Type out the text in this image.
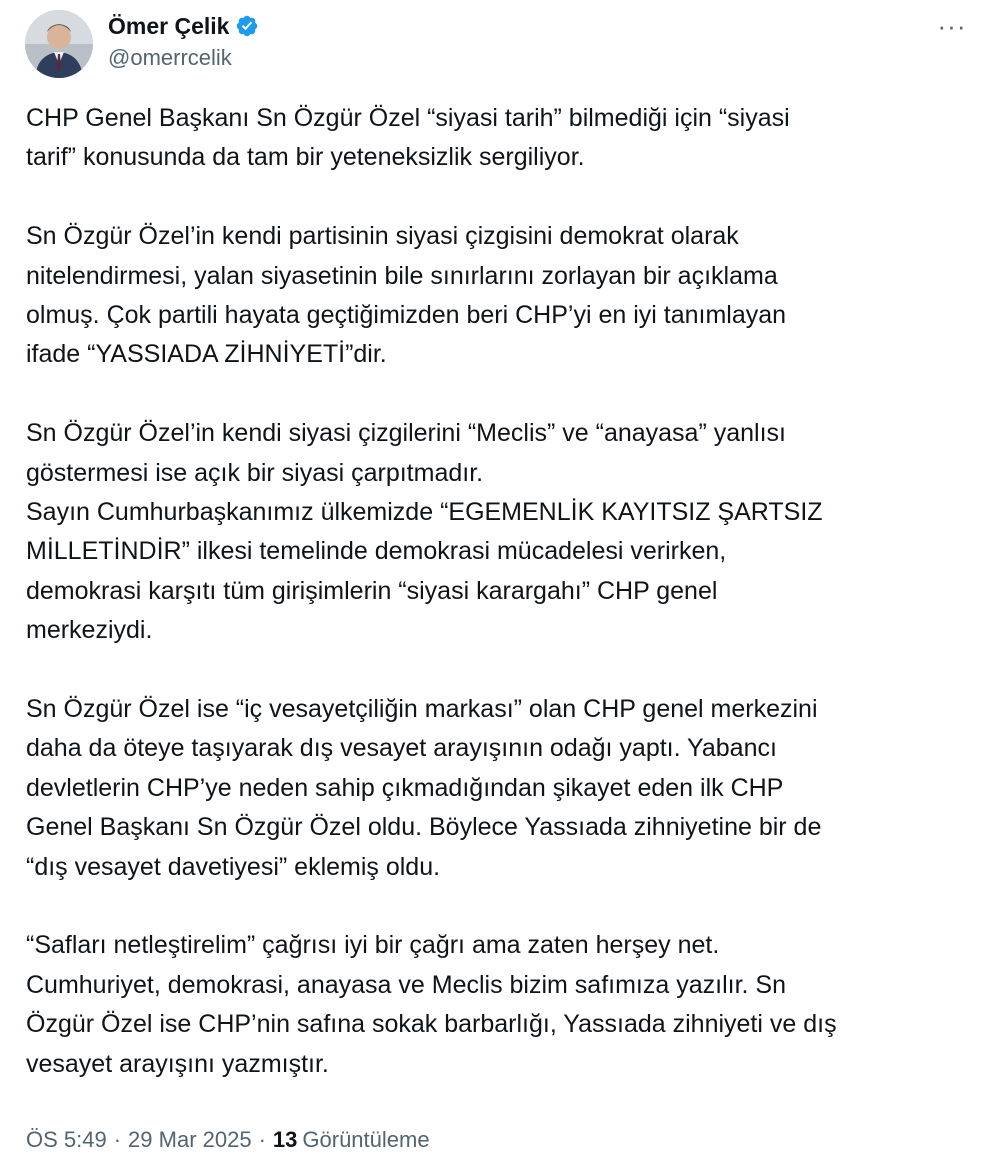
Ömer Çelik
@omerrcelik
···

CHP Genel Başkanı Sn Özgür Özel “siyasi tarih” bilmediği için “siyasi
tarif” konusunda da tam bir yeteneksizlik sergiliyor.

Sn Özgür Özel’in kendi partisinin siyasi çizgisini demokrat olarak
nitelendirmesi, yalan siyasetinin bile sınırlarını zorlayan bir açıklama
olmuş. Çok partili hayata geçtiğimizden beri CHP’yi en iyi tanımlayan
ifade “YASSIADA ZİHNİYETİ”dir.

Sn Özgür Özel’in kendi siyasi çizgilerini “Meclis” ve “anayasa” yanlısı
göstermesi ise açık bir siyasi çarpıtmadır.
Sayın Cumhurbaşkanımız ülkemizde “EGEMENLİK KAYITSIZ ŞARTSIZ
MİLLETİNDİR” ilkesi temelinde demokrasi mücadelesi verirken,
demokrasi karşıtı tüm girişimlerin “siyasi karargahı” CHP genel
merkeziydi.

Sn Özgür Özel ise “iç vesayetçiliğin markası” olan CHP genel merkezini
daha da öteye taşıyarak dış vesayet arayışının odağı yaptı. Yabancı
devletlerin CHP’ye neden sahip çıkmadığından şikayet eden ilk CHP
Genel Başkanı Sn Özgür Özel oldu. Böylece Yassıada zihniyetine bir de
“dış vesayet davetiyesi” eklemiş oldu.

“Safları netleştirelim” çağrısı iyi bir çağrı ama zaten herşey net.
Cumhuriyet, demokrasi, anayasa ve Meclis bizim safımıza yazılır. Sn
Özgür Özel ise CHP’nin safına sokak barbarlığı, Yassıada zihniyeti ve dış
vesayet arayışını yazmıştır.

ÖS 5:49 · 29 Mar 2025 · 13 Görüntüleme
